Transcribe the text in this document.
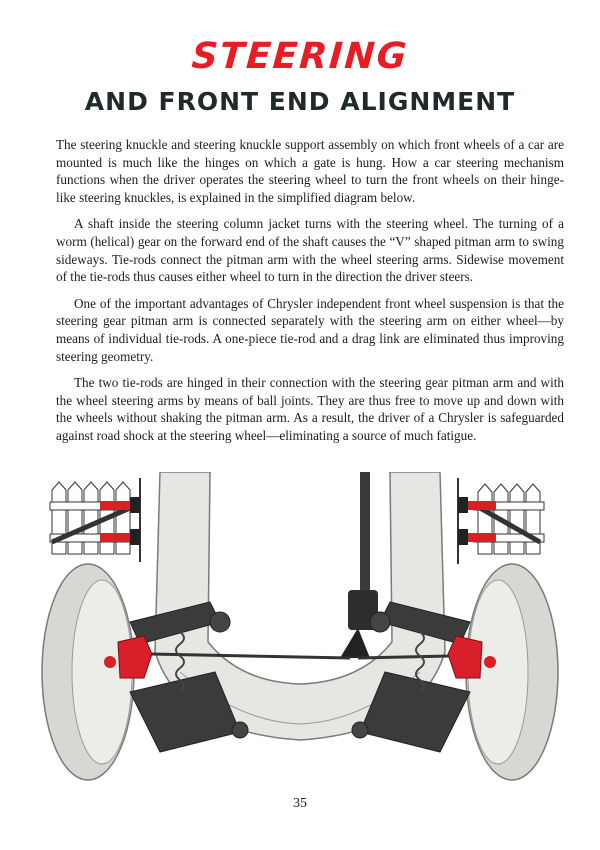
STEERING
AND FRONT END ALIGNMENT

The steering knuckle and steering knuckle support assembly on which front wheels of a car are mounted is much like the hinges on which a gate is hung. How a car steering mechanism functions when the driver operates the steering wheel to turn the front wheels on their hinge-like steering knuckles, is explained in the simplified diagram below.

A shaft inside the steering column jacket turns with the steering wheel. The turning of a worm (helical) gear on the forward end of the shaft causes the “V” shaped pitman arm to swing sideways. Tie-rods connect the pitman arm with the wheel steering arms. Sidewise movement of the tie-rods thus causes either wheel to turn in the direction the driver steers.

One of the important advantages of Chrysler independent front wheel suspension is that the steering gear pitman arm is connected separately with the steering arm on either wheel—by means of individual tie-rods. A one-piece tie-rod and a drag link are eliminated thus improving steering geometry.

The two tie-rods are hinged in their connection with the steering gear pitman arm and with the wheel steering arms by means of ball joints. They are thus free to move up and down with the wheels without shaking the pitman arm. As a result, the driver of a Chrysler is safeguarded against road shock at the steering wheel—eliminating a source of much fatigue.

35
